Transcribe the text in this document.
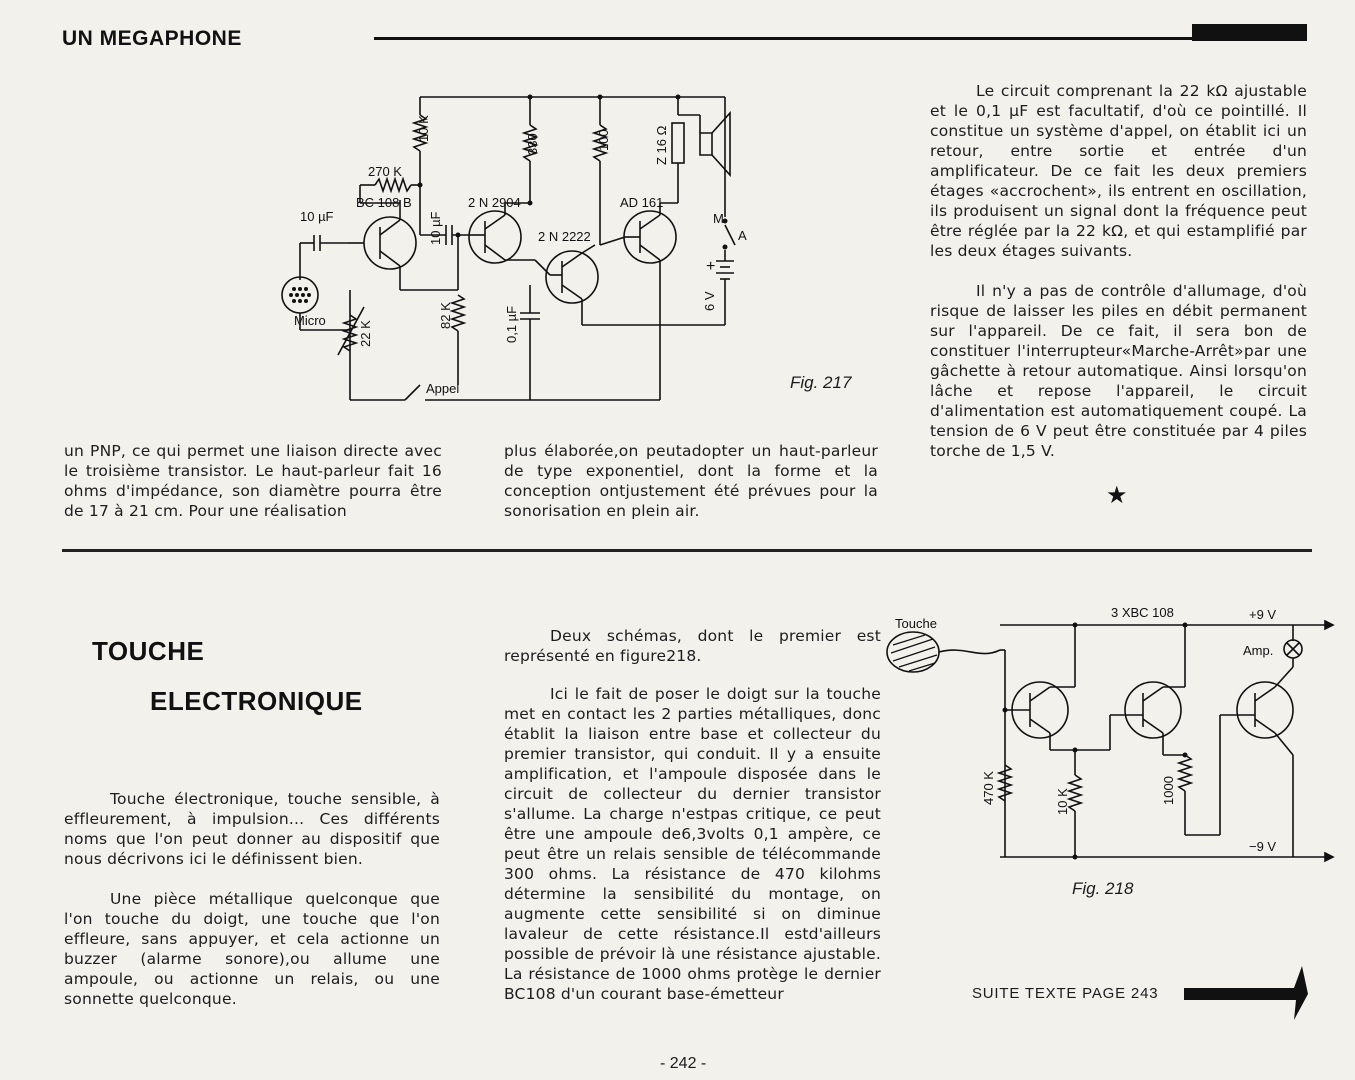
UN MEGAPHONE
10 K
270 K
330	100	Z 16 Ω
BC 108 B	2 N 2904
2 N 2222
AD 161
10 µF	10 µF
Micro 22 K
82 K	0,1 µF
Appel
6 V
M
A
+
Fig. 217

un PNP, ce qui permet une liaison directe avec le troisième transistor. Le haut-parleur fait 16 ohms d'impédance, son diamètre pourra être de 17 à 21 cm. Pour une réalisation

plus élaborée,on peutadopter un haut-parleur de type exponentiel, dont la forme et la conception ontjustement été prévues pour la sonorisation en plein air.

Le circuit comprenant la 22 kΩ ajustable et le 0,1 µF est facultatif, d'où ce pointillé. Il constitue un système d'appel, on établit ici un retour, entre sortie et entrée d'un amplificateur. De ce fait les deux premiers étages «accrochent», ils entrent en oscillation, ils produisent un signal dont la fréquence peut être réglée par la 22 kΩ, et qui estamplifié par les deux étages suivants.

Il n'y a pas de contrôle d'allumage, d'où risque de laisser les piles en débit permanent sur l'appareil. De ce fait, il sera bon de constituer l'interrupteur«Marche-Arrêt»par une gâchette à retour automatique. Ainsi lorsqu'on lâche et repose l'appareil, le circuit d'alimentation est automatiquement coupé. La tension de 6 V peut être constituée par 4 piles torche de 1,5 V.

★
TOUCHE
ELECTRONIQUE

Touche électronique, touche sensible, à effleurement, à impulsion... Ces différents noms que l'on peut donner au dispositif que nous décrivons ici le définissent bien.

Une pièce métallique quelconque que l'on touche du doigt, une touche que l'on effleure, sans appuyer, et cela actionne un buzzer (alarme sonore),ou allume une ampoule, ou actionne un relais, ou une sonnette quelconque.

Deux schémas, dont le premier est représenté en figure218.

Ici le fait de poser le doigt sur la touche met en contact les 2 parties métalliques, donc établit la liaison entre base et collecteur du premier transistor, qui conduit. Il y a ensuite amplification, et l'ampoule disposée dans le circuit de collecteur du dernier transistor s'allume. La charge n'estpas critique, ce peut être une ampoule de6,3volts 0,1 ampère, ce peut être un relais sensible de télécommande 300 ohms. La résistance de 470 kilohms détermine la sensibilité du montage, on augmente cette sensibilité si on diminue lavaleur de cette résistance.Il estd'ailleurs possible de prévoir là une résistance ajustable. La résistance de 1000 ohms protège le dernier BC108 d'un courant base-émetteur

Touche
3 XBC 108	+9 V
Amp.
−9 V
470 K	10 K	1000
Fig. 218
SUITE TEXTE PAGE 243
- 242 -
